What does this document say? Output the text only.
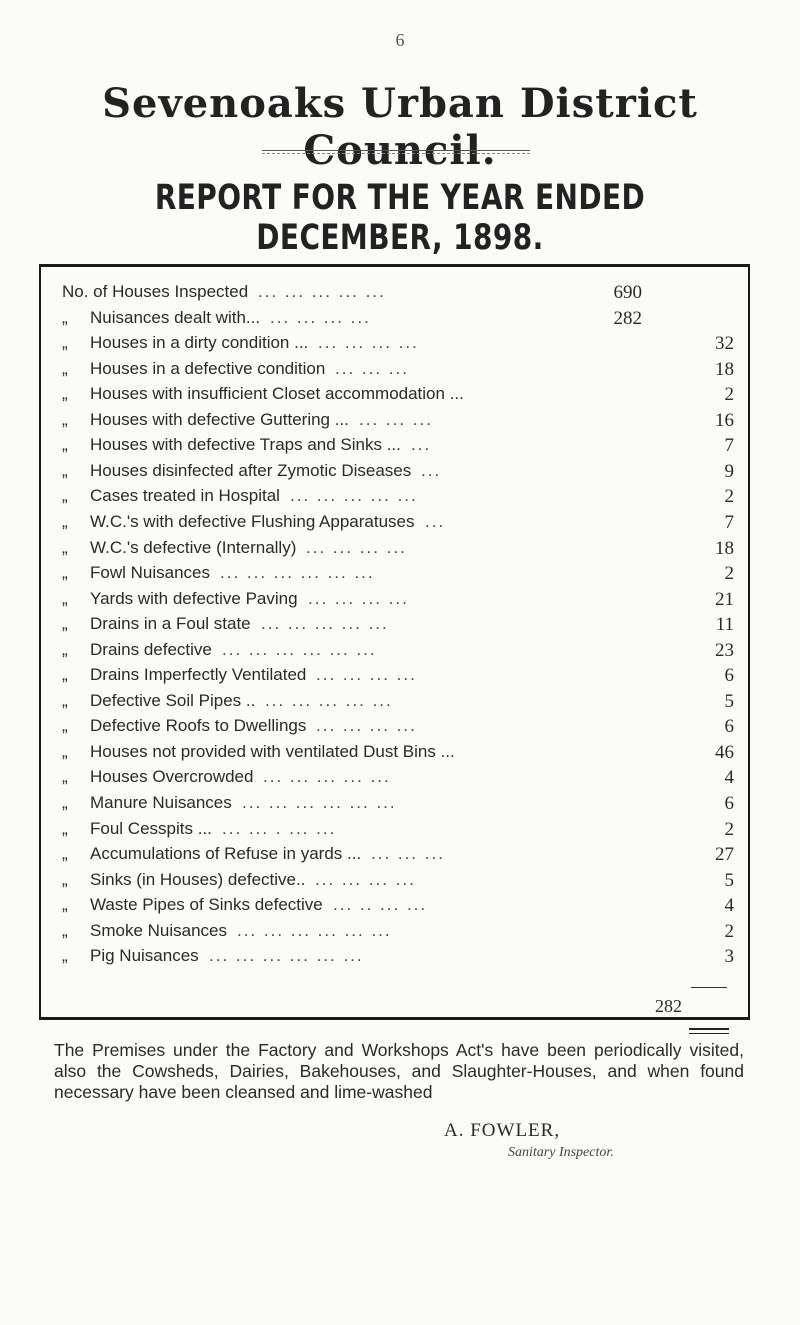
6
Sevenoaks Urban District Council.
REPORT FOR THE YEAR ENDED DECEMBER, 1898.
No. of Houses Inspected ... ... ... ... ...	690
„ Nuisances dealt with... ... ... ... ...	282
„ Houses in a dirty condition ... ... ... ... ...	32
„ Houses in a defective condition ... ... ...	18
„ Houses with insufficient Closet accommodation ...	2
„ Houses with defective Guttering ... ... ... ...	16
„ Houses with defective Traps and Sinks ... ...	7
„ Houses disinfected after Zymotic Diseases ...	9
„ Cases treated in Hospital ... ... ... ... ...	2
„ W.C.'s with defective Flushing Apparatuses ...	7
„ W.C.'s defective (Internally) ... ... ... ...	18
„ Fowl Nuisances ... ... ... ... ... ...	2
„ Yards with defective Paving ... ... ... ...	21
„ Drains in a Foul state ... ... ... ... ...	11
„ Drains defective ... ... ... ... ... ...	23
„ Drains Imperfectly Ventilated ... ... ... ...	6
„ Defective Soil Pipes .. ... ... ... ... ...	5
„ Defective Roofs to Dwellings ... ... ... ...	6
„ Houses not provided with ventilated Dust Bins ...	46
„ Houses Overcrowded ... ... ... ... ...	4
„ Manure Nuisances ... ... ... ... ... ...	6
„ Foul Cesspits ... ... ... . ... ...	2
„ Accumulations of Refuse in yards ... ... ... ...	27
„ Sinks (in Houses) defective.. ... ... ... ...	5
„ Waste Pipes of Sinks defective ... .. ... ...	4
„ Smoke Nuisances ... ... ... ... ... ...	2
„ Pig Nuisances ... ... ... ... ... ...	3
282
The Premises under the Factory and Workshops Act's have been periodically visited, also the Cowsheds, Dairies, Bakehouses, and Slaughter-Houses, and when found necessary have been cleansed and lime-washed
A. FOWLER,
Sanitary Inspector.
